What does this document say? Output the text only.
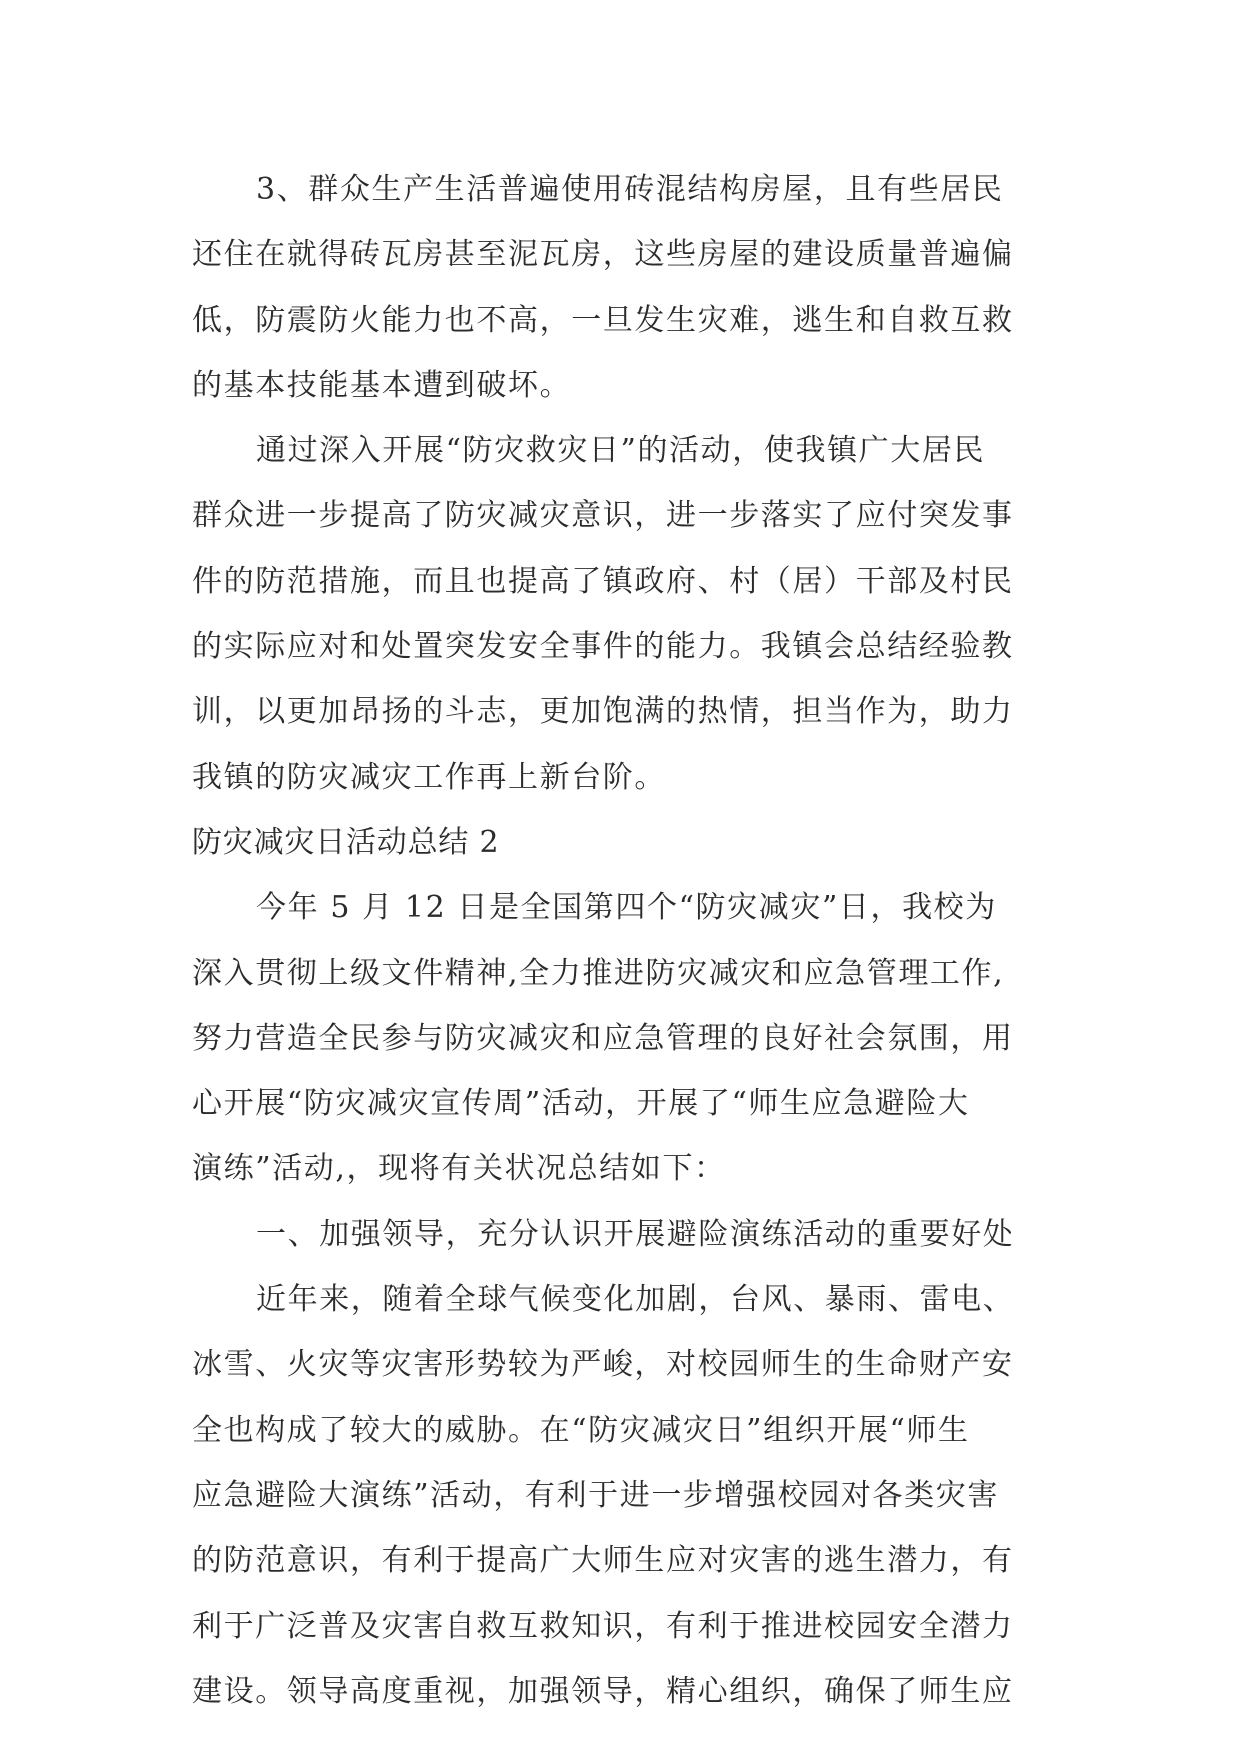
3、群众生产生活普遍使用砖混结构房屋，且有些居民
还住在就得砖瓦房甚至泥瓦房，这些房屋的建设质量普遍偏
低，防震防火能力也不高，一旦发生灾难，逃生和自救互救
的基本技能基本遭到破坏。
通过深入开展“防灾救灾日”的活动，使我镇广大居民
群众进一步提高了防灾减灾意识，进一步落实了应付突发事
件的防范措施，而且也提高了镇政府、村（居）干部及村民
的实际应对和处置突发安全事件的能力。我镇会总结经验教
训，以更加昂扬的斗志，更加饱满的热情，担当作为，助力
我镇的防灾减灾工作再上新台阶。
防灾减灾日活动总结 2
今年 5 月 12 日是全国第四个“防灾减灾”日，我校为
深入贯彻上级文件精神,全力推进防灾减灾和应急管理工作,
努力营造全民参与防灾减灾和应急管理的良好社会氛围，用
心开展“防灾减灾宣传周”活动，开展了“师生应急避险大
演练”活动,，现将有关状况总结如下：
一、加强领导，充分认识开展避险演练活动的重要好处
近年来，随着全球气候变化加剧，台风、暴雨、雷电、
冰雪、火灾等灾害形势较为严峻，对校园师生的生命财产安
全也构成了较大的威胁。在“防灾减灾日”组织开展“师生
应急避险大演练”活动，有利于进一步增强校园对各类灾害
的防范意识，有利于提高广大师生应对灾害的逃生潜力，有
利于广泛普及灾害自救互救知识，有利于推进校园安全潜力
建设。领导高度重视，加强领导，精心组织，确保了师生应
